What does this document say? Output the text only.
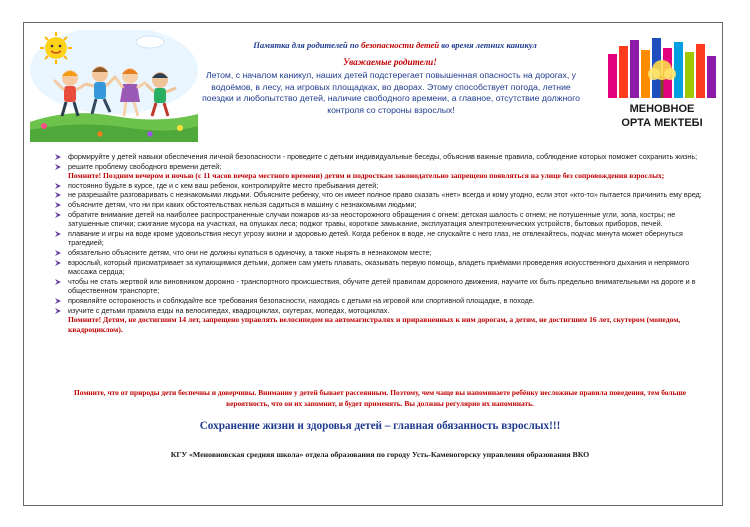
Памятка для родителей по безопасности детей во время летних каникул
Уважаемые родители!
Летом, с началом каникул, наших детей подстерегает повышенная опасность на дорогах, у водоёмов, в лесу, на игровых площадках, во дворах. Этому способствует погода, летние поездки и любопытство детей, наличие свободного времени, а главное, отсутствие должного контроля со стороны взрослых!	МЕНОВНОЕ
ОРТА МЕКТЕБІ
формируйте у детей навыки обеспечения личной безопасности - проведите с детьми индивидуальные беседы, объяснив важные правила, соблюдение которых поможет сохранить жизнь;
решите проблему свободного времени детей;
Помните! Поздним вечером и ночью (с 11 часов вечера местного времени) детям и подросткам законодательно запрещено появляться на улице без сопровождения взрослых;
постоянно будьте в курсе, где и с кем ваш ребенок, контролируйте место пребывания детей;
не разрешайте разговаривать с незнакомыми людьми. Объясните ребенку, что он имеет полное право сказать «нет» всегда и кому угодно, если этот «кто-то» пытается причинить ему вред;
объясните детям, что ни при каких обстоятельствах нельзя садиться в машину с незнакомыми людьми;
обратите внимание детей на наиболее распространенные случаи пожаров из-за неосторожного обращения с огнем: детская шалость с огнем; не потушенные угли, зола, костры; не затушенные спички; сжигание мусора на участках, на опушках леса; поджог травы, короткое замыкание, эксплуатация электротехнических устройств, бытовых приборов, печей.
плавание и игры на воде кроме удовольствия несут угрозу жизни и здоровью детей. Когда ребенок в воде, не спускайте с него глаз, не отвлекайтесь, подчас минута может обернуться трагедией;
обязательно объясните детям, что они не должны купаться в одиночку, а также нырять в незнакомом месте;
взрослый, который присматривает за купающимися детьми, должен сам уметь плавать, оказывать первую помощь, владеть приёмами проведения искусственного дыхания и непрямого массажа сердца;
чтобы не стать жертвой или виновником дорожно - транспортного происшествия, обучите детей правилам дорожного движения, научите их быть предельно внимательными на дороге и в общественном транспорте;
проявляйте осторожность и соблюдайте все требования безопасности, находясь с детьми на игровой или спортивной площадке, в походе.
изучите с детьми правила езды на велосипедах, квадроциклах, скутерах, мопедах, мотоциклах.
Помните! Детям, не достигшим 14 лет, запрещено управлять велосипедом на автомагистралях и приравненных к ним дорогам, а детям, не достигшим 16 лет, скутером (мопедом, квадроциклом).
Помните, что от природы дети беспечны и доверчивы. Внимание у детей бывает рассеянным. Поэтому, чем чаще вы напоминаете ребёнку несложные правила поведения, тем больше вероятность, что он их запомнит, и будет применять. Вы должны регулярно их напоминать.
Сохранение жизни и здоровья детей – главная обязанность взрослых!!!
КГУ «Меновновская средняя школа» отдела образования по городу Усть-Каменогорску управления образования ВКО
